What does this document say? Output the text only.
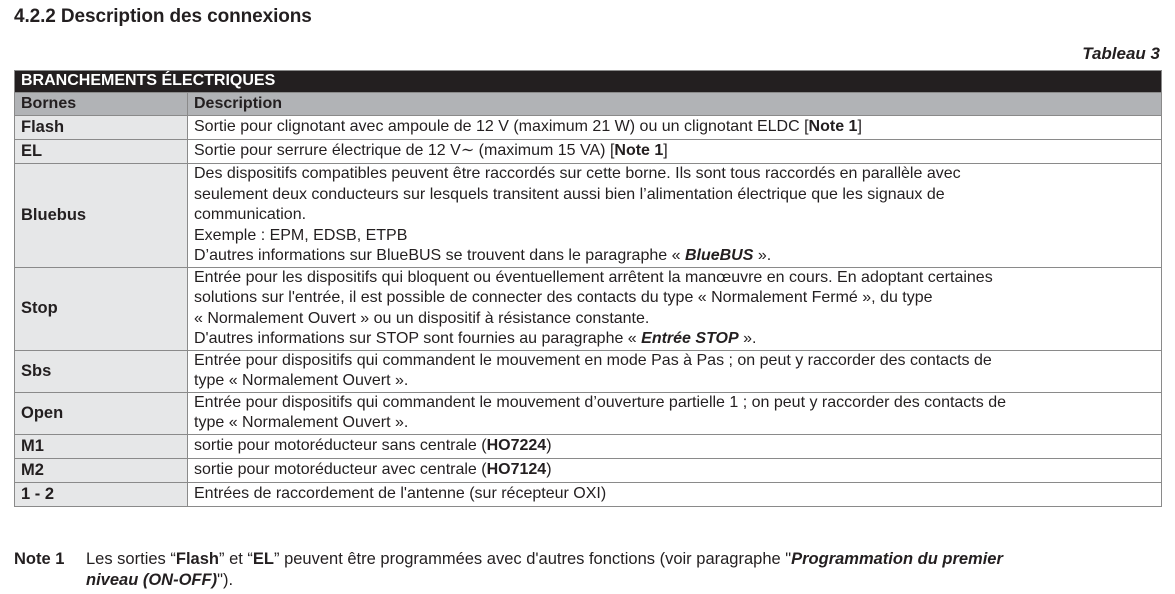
4.2.2 Description des connexions
Tableau 3
BRANCHEMENTS ÉLECTRIQUES	
Bornes	Description
Flash	Sortie pour clignotant avec ampoule de 12 V (maximum 21 W) ou un clignotant ELDC [Note 1]

EL	Sortie pour serrure électrique de 12 V∼ (maximum 15 VA) [Note 1]

Bluebus	Des dispositifs compatibles peuvent être raccordés sur cette borne. Ils sont tous raccordés en parallèle avec
seulement deux conducteurs sur lesquels transitent aussi bien l’alimentation électrique que les signaux de
communication.
Exemple : EPM, EDSB, ETPB
D’autres informations sur BlueBUS se trouvent dans le paragraphe « BlueBUS ».

Stop	Entrée pour les dispositifs qui bloquent ou éventuellement arrêtent la manœuvre en cours. En adoptant certaines
solutions sur l'entrée, il est possible de connecter des contacts du type « Normalement Fermé », du type
« Normalement Ouvert » ou un dispositif à résistance constante.
D'autres informations sur STOP sont fournies au paragraphe « Entrée STOP ».

Sbs	Entrée pour dispositifs qui commandent le mouvement en mode Pas à Pas ; on peut y raccorder des contacts de
type « Normalement Ouvert ».

Open	Entrée pour dispositifs qui commandent le mouvement d’ouverture partielle 1 ; on peut y raccorder des contacts de
type « Normalement Ouvert ».

M1	sortie pour motoréducteur sans centrale (HO7224)

M2	sortie pour motoréducteur avec centrale (HO7124)

1 - 2	Entrées de raccordement de l'antenne (sur récepteur OXI)
Note 1	Les sorties “Flash” et “EL” peuvent être programmées avec d'autres fonctions (voir paragraphe "Programmation du premier
niveau (ON-OFF)").
